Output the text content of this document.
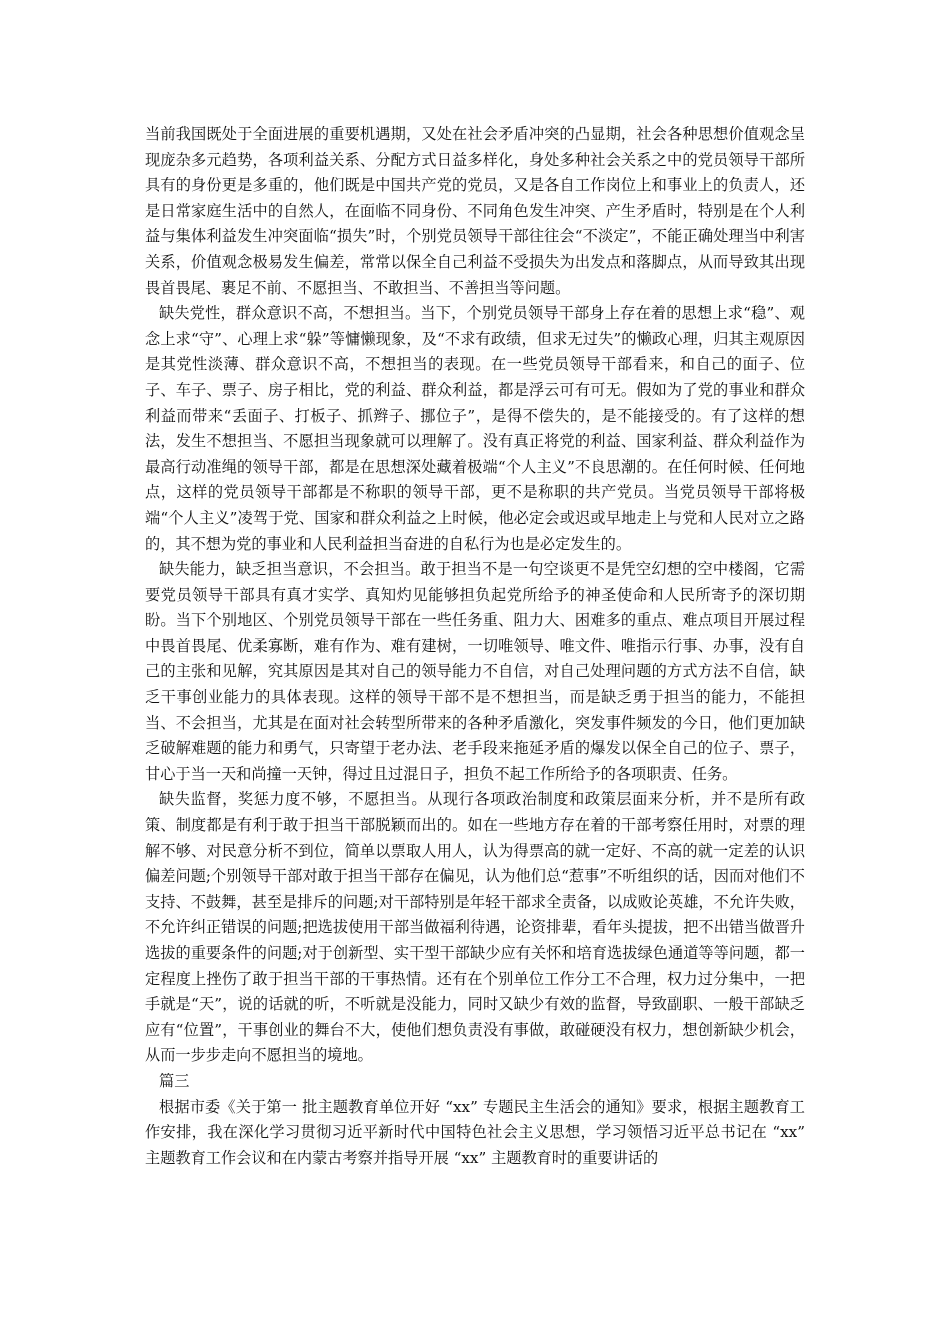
当前我国既处于全面进展的重要机遇期，又处在社会矛盾冲突的凸显期，社会各种思想价值观念呈现庞杂多元趋势，各项利益关系、分配方式日益多样化，身处多种社会关系之中的党员领导干部所具有的身份更是多重的，他们既是中国共产党的党员，又是各自工作岗位上和事业上的负责人，还是日常家庭生活中的自然人，在面临不同身份、不同角色发生冲突、产生矛盾时，特别是在个人利益与集体利益发生冲突面临“损失”时，个别党员领导干部往往会“不淡定”，不能正确处理当中利害关系，价值观念极易发生偏差，常常以保全自己利益不受损失为出发点和落脚点，从而导致其出现畏首畏尾、裹足不前、不愿担当、不敢担当、不善担当等问题。

缺失党性，群众意识不高，不想担当。当下，个别党员领导干部身上存在着的思想上求“稳”、观念上求“守”、心理上求“躲”等慵懒现象，及“不求有政绩，但求无过失”的懒政心理，归其主观原因是其党性淡薄、群众意识不高，不想担当的表现。在一些党员领导干部看来，和自己的面子、位子、车子、票子、房子相比，党的利益、群众利益，都是浮云可有可无。假如为了党的事业和群众利益而带来“丢面子、打板子、抓辫子、挪位子”，是得不偿失的，是不能接受的。有了这样的想法，发生不想担当、不愿担当现象就可以理解了。没有真正将党的利益、国家利益、群众利益作为最高行动准绳的领导干部，都是在思想深处藏着极端“个人主义”不良思潮的。在任何时候、任何地点，这样的党员领导干部都是不称职的领导干部，更不是称职的共产党员。当党员领导干部将极端“个人主义”凌驾于党、国家和群众利益之上时候，他必定会或迟或早地走上与党和人民对立之路的，其不想为党的事业和人民利益担当奋进的自私行为也是必定发生的。

缺失能力，缺乏担当意识，不会担当。敢于担当不是一句空谈更不是凭空幻想的空中楼阁，它需要党员领导干部具有真才实学、真知灼见能够担负起党所给予的神圣使命和人民所寄予的深切期盼。当下个别地区、个别党员领导干部在一些任务重、阻力大、困难多的重点、难点项目开展过程中畏首畏尾、优柔寡断，难有作为、难有建树，一切唯领导、唯文件、唯指示行事、办事，没有自己的主张和见解，究其原因是其对自己的领导能力不自信，对自己处理问题的方式方法不自信，缺乏干事创业能力的具体表现。这样的领导干部不是不想担当，而是缺乏勇于担当的能力，不能担当、不会担当，尤其是在面对社会转型所带来的各种矛盾激化，突发事件频发的今日，他们更加缺乏破解难题的能力和勇气，只寄望于老办法、老手段来拖延矛盾的爆发以保全自己的位子、票子，甘心于当一天和尚撞一天钟，得过且过混日子，担负不起工作所给予的各项职责、任务。

缺失监督，奖惩力度不够，不愿担当。从现行各项政治制度和政策层面来分析，并不是所有政策、制度都是有利于敢于担当干部脱颖而出的。如在一些地方存在着的干部考察任用时，对票的理解不够、对民意分析不到位，简单以票取人用人，认为得票高的就一定好、不高的就一定差的认识偏差问题;个别领导干部对敢于担当干部存在偏见，认为他们总“惹事”不听组织的话，因而对他们不支持、不鼓舞，甚至是排斥的问题;对干部特别是年轻干部求全责备，以成败论英雄，不允许失败，不允许纠正错误的问题;把选拔使用干部当做福利待遇，论资排辈，看年头提拔，把不出错当做晋升选拔的重要条件的问题;对于创新型、实干型干部缺少应有关怀和培育选拔绿色通道等等问题，都一定程度上挫伤了敢于担当干部的干事热情。还有在个别单位工作分工不合理，权力过分集中，一把手就是“天”，说的话就的听，不听就是没能力，同时又缺少有效的监督，导致副职、一般干部缺乏应有“位置”，干事创业的舞台不大，使他们想负责没有事做，敢碰硬没有权力，想创新缺少机会，从而一步步走向不愿担当的境地。

篇三

根据市委《关于第一 批主题教育单位开好 “xx” 专题民主生活会的通知》要求，根据主题教育工作安排，我在深化学习贯彻习近平新时代中国特色社会主义思想，学习领悟习近平总书记在 “xx” 主题教育工作会议和在内蒙古考察并指导开展 “xx” 主题教育时的重要讲话的
